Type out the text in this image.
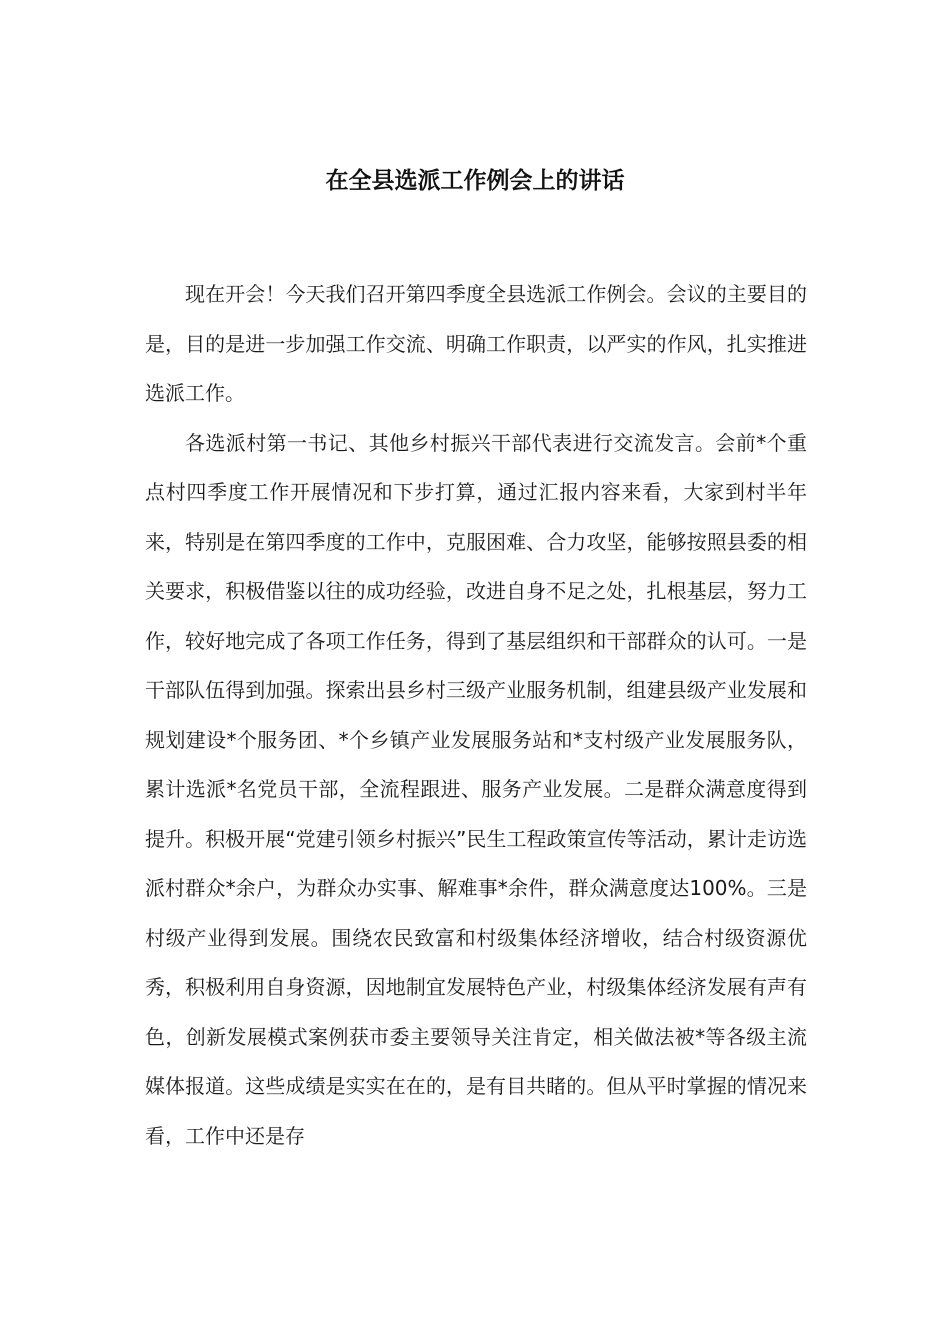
在全县选派工作例会上的讲话

现在开会！今天我们召开第四季度全县选派工作例会。会议的主要目的是，目的是进一步加强工作交流、明确工作职责，以严实的作风，扎实推进选派工作。

各选派村第一书记、其他乡村振兴干部代表进行交流发言。会前*个重点村四季度工作开展情况和下步打算，通过汇报内容来看，大家到村半年来，特别是在第四季度的工作中，克服困难、合力攻坚，能够按照县委的相关要求，积极借鉴以往的成功经验，改进自身不足之处，扎根基层，努力工作，较好地完成了各项工作任务，得到了基层组织和干部群众的认可。一是干部队伍得到加强。探索出县乡村三级产业服务机制，组建县级产业发展和规划建设*个服务团、*个乡镇产业发展服务站和*支村级产业发展服务队，累计选派*名党员干部，全流程跟进、服务产业发展。二是群众满意度得到提升。积极开展“党建引领乡村振兴”民生工程政策宣传等活动，累计走访选派村群众*余户，为群众办实事、解难事*余件，群众满意度达100%。三是村级产业得到发展。围绕农民致富和村级集体经济增收，结合村级资源优秀，积极利用自身资源，因地制宜发展特色产业，村级集体经济发展有声有色，创新发展模式案例获市委主要领导关注肯定，相关做法被*等各级主流媒体报道。这些成绩是实实在在的，是有目共睹的。但从平时掌握的情况来看，工作中还是存
